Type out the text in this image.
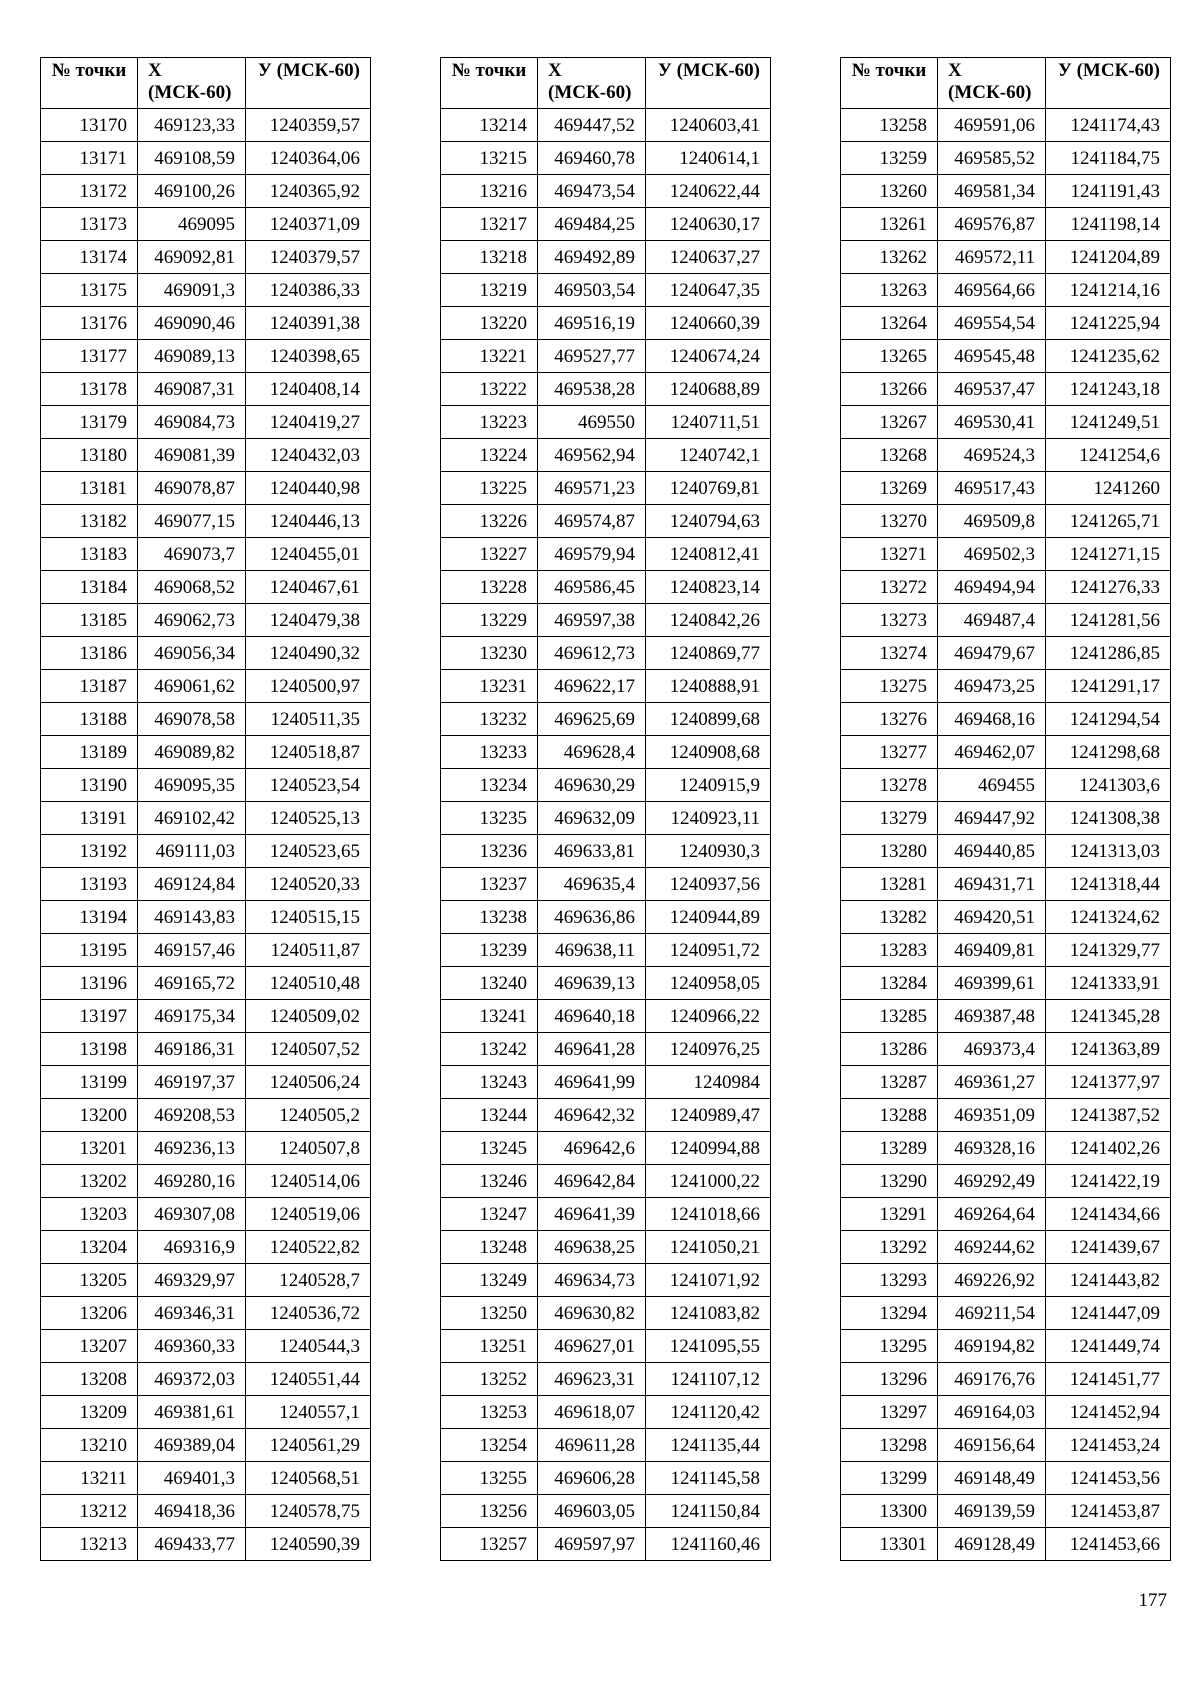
№ точки	Х (МСК-60)	У (МСК-60)
13170	469123,33	1240359,57
13171	469108,59	1240364,06
13172	469100,26	1240365,92
13173	469095	1240371,09
13174	469092,81	1240379,57
13175	469091,3	1240386,33
13176	469090,46	1240391,38
13177	469089,13	1240398,65
13178	469087,31	1240408,14
13179	469084,73	1240419,27
13180	469081,39	1240432,03
13181	469078,87	1240440,98
13182	469077,15	1240446,13
13183	469073,7	1240455,01
13184	469068,52	1240467,61
13185	469062,73	1240479,38
13186	469056,34	1240490,32
13187	469061,62	1240500,97
13188	469078,58	1240511,35
13189	469089,82	1240518,87
13190	469095,35	1240523,54
13191	469102,42	1240525,13
13192	469111,03	1240523,65
13193	469124,84	1240520,33
13194	469143,83	1240515,15
13195	469157,46	1240511,87
13196	469165,72	1240510,48
13197	469175,34	1240509,02
13198	469186,31	1240507,52
13199	469197,37	1240506,24
13200	469208,53	1240505,2
13201	469236,13	1240507,8
13202	469280,16	1240514,06
13203	469307,08	1240519,06
13204	469316,9	1240522,82
13205	469329,97	1240528,7
13206	469346,31	1240536,72
13207	469360,33	1240544,3
13208	469372,03	1240551,44
13209	469381,61	1240557,1
13210	469389,04	1240561,29
13211	469401,3	1240568,51
13212	469418,36	1240578,75
13213	469433,77	1240590,39
№ точки	Х (МСК-60)	У (МСК-60)
13214	469447,52	1240603,41
13215	469460,78	1240614,1
13216	469473,54	1240622,44
13217	469484,25	1240630,17
13218	469492,89	1240637,27
13219	469503,54	1240647,35
13220	469516,19	1240660,39
13221	469527,77	1240674,24
13222	469538,28	1240688,89
13223	469550	1240711,51
13224	469562,94	1240742,1
13225	469571,23	1240769,81
13226	469574,87	1240794,63
13227	469579,94	1240812,41
13228	469586,45	1240823,14
13229	469597,38	1240842,26
13230	469612,73	1240869,77
13231	469622,17	1240888,91
13232	469625,69	1240899,68
13233	469628,4	1240908,68
13234	469630,29	1240915,9
13235	469632,09	1240923,11
13236	469633,81	1240930,3
13237	469635,4	1240937,56
13238	469636,86	1240944,89
13239	469638,11	1240951,72
13240	469639,13	1240958,05
13241	469640,18	1240966,22
13242	469641,28	1240976,25
13243	469641,99	1240984
13244	469642,32	1240989,47
13245	469642,6	1240994,88
13246	469642,84	1241000,22
13247	469641,39	1241018,66
13248	469638,25	1241050,21
13249	469634,73	1241071,92
13250	469630,82	1241083,82
13251	469627,01	1241095,55
13252	469623,31	1241107,12
13253	469618,07	1241120,42
13254	469611,28	1241135,44
13255	469606,28	1241145,58
13256	469603,05	1241150,84
13257	469597,97	1241160,46
№ точки	Х (МСК-60)	У (МСК-60)
13258	469591,06	1241174,43
13259	469585,52	1241184,75
13260	469581,34	1241191,43
13261	469576,87	1241198,14
13262	469572,11	1241204,89
13263	469564,66	1241214,16
13264	469554,54	1241225,94
13265	469545,48	1241235,62
13266	469537,47	1241243,18
13267	469530,41	1241249,51
13268	469524,3	1241254,6
13269	469517,43	1241260
13270	469509,8	1241265,71
13271	469502,3	1241271,15
13272	469494,94	1241276,33
13273	469487,4	1241281,56
13274	469479,67	1241286,85
13275	469473,25	1241291,17
13276	469468,16	1241294,54
13277	469462,07	1241298,68
13278	469455	1241303,6
13279	469447,92	1241308,38
13280	469440,85	1241313,03
13281	469431,71	1241318,44
13282	469420,51	1241324,62
13283	469409,81	1241329,77
13284	469399,61	1241333,91
13285	469387,48	1241345,28
13286	469373,4	1241363,89
13287	469361,27	1241377,97
13288	469351,09	1241387,52
13289	469328,16	1241402,26
13290	469292,49	1241422,19
13291	469264,64	1241434,66
13292	469244,62	1241439,67
13293	469226,92	1241443,82
13294	469211,54	1241447,09
13295	469194,82	1241449,74
13296	469176,76	1241451,77
13297	469164,03	1241452,94
13298	469156,64	1241453,24
13299	469148,49	1241453,56
13300	469139,59	1241453,87
13301	469128,49	1241453,66
177
